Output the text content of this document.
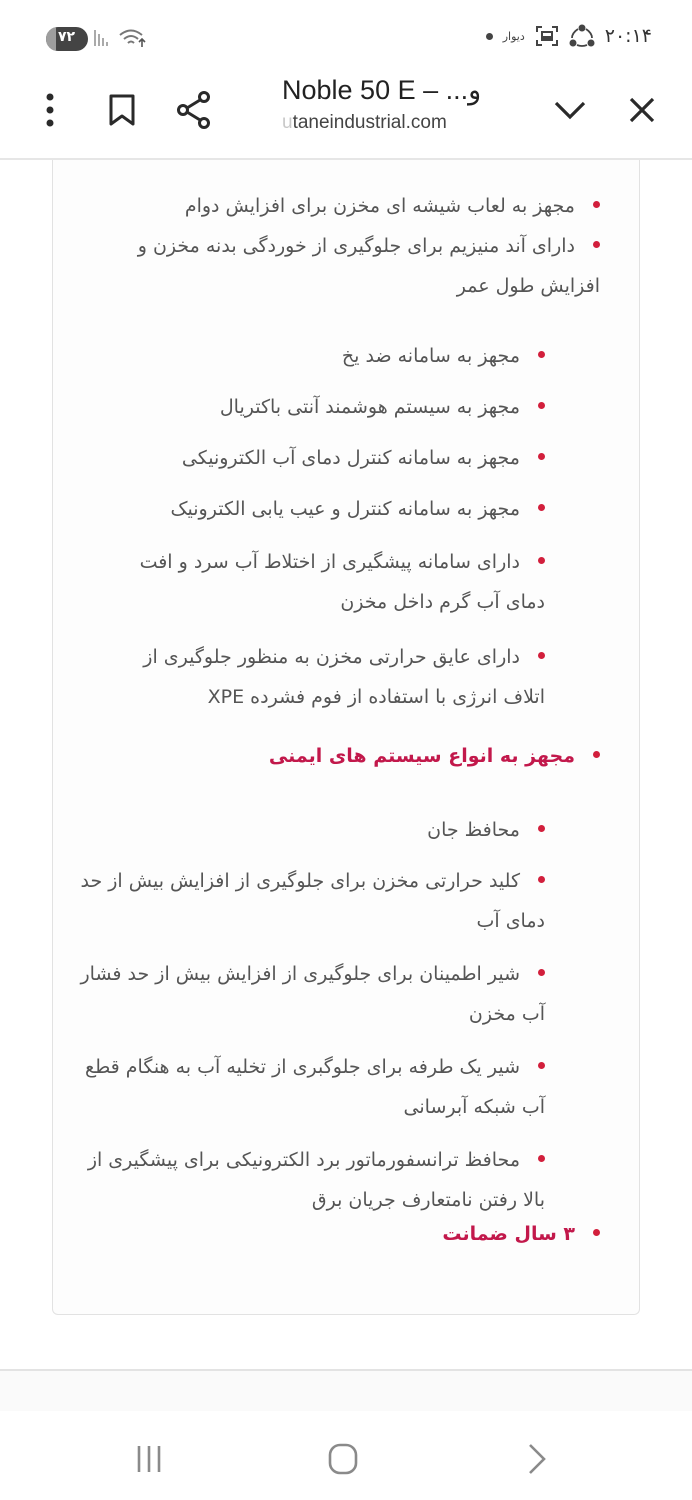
۷۲	دیوار	۲۰:۱۴
Noble 50 E – ...و
utaneindustrial.com
مجهز به لعاب شیشه ای مخزن برای افزایش دوام
دارای آند منیزیم برای جلوگیری از خوردگی بدنه مخزن و افزایش طول عمر
مجهز به سامانه ضد یخ
مجهز به سیستم هوشمند آنتی باکتریال
مجهز به سامانه کنترل دمای آب الکترونیکی
مجهز به سامانه کنترل و عیب یابی الکترونیک
دارای سامانه پیشگیری از اختلاط آب سرد و افت دمای آب گرم داخل مخزن
دارای عایق حرارتی مخزن به منظور جلوگیری از اتلاف انرژی با استفاده از فوم فشرده XPE
مجهز به انواع سیستم های ایمنی
محافظ جان
کلید حرارتی مخزن برای جلوگیری از افزایش بیش از حد دمای آب
شیر اطمینان برای جلوگیری از افزایش بیش از حد فشار آب مخزن
شیر یک طرفه برای جلوگبری از تخلیه آب به هنگام قطع آب شبکه آبرسانی
محافظ ترانسفورماتور برد الکترونیکی برای پیشگیری از بالا رفتن نامتعارف جریان برق
۳ سال ضمانت
